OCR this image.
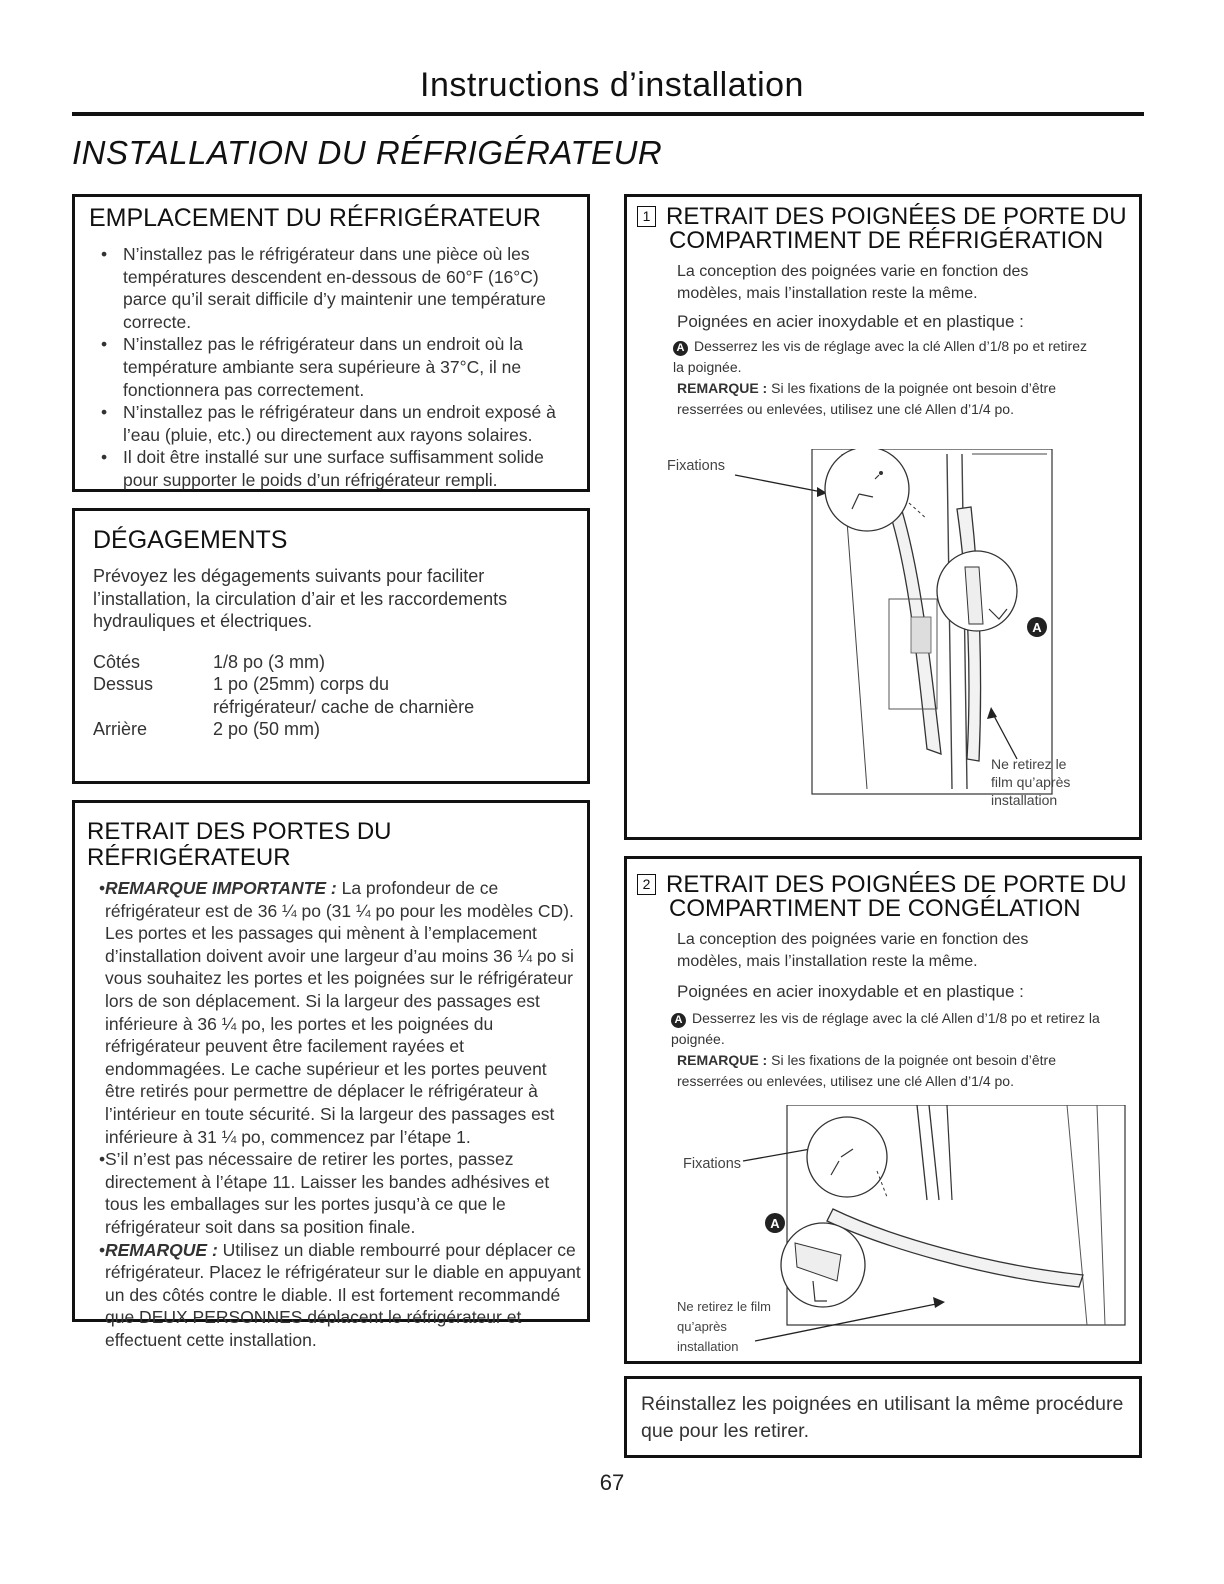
Instructions d’installation
INSTALLATION DU RÉFRIGÉRATEUR
EMPLACEMENT DU RÉFRIGÉRATEUR
• N’installez pas le réfrigérateur dans une pièce où les températures descendent en-dessous de 60°F (16°C) parce qu’il serait difficile d’y maintenir une température correcte.
• N’installez pas le réfrigérateur dans un endroit où la température ambiante sera supérieure à 37°C, il ne fonctionnera pas correctement.
• N’installez pas le réfrigérateur dans un endroit exposé à l’eau (pluie, etc.) ou directement aux rayons solaires.
• Il doit être installé sur une surface suffisamment solide pour supporter le poids d’un réfrigérateur rempli.
DÉGAGEMENTS

Prévoyez les dégagements suivants pour faciliter l’installation, la circulation d’air et les raccordements hydrauliques et électriques.

Côtés	1/8 po (3 mm)
Dessus	1 po (25mm) corps du réfrigérateur/ cache de charnière
Arrière	2 po (50 mm)
RETRAIT DES PORTES DU RÉFRIGÉRATEUR
• REMARQUE IMPORTANTE : La profondeur de ce réfrigérateur est de 36 ¼ po (31 ¼ po pour les modèles CD). Les portes et les passages qui mènent à l’emplacement d’installation doivent avoir une largeur d’au moins 36 ¼ po si vous souhaitez les portes et les poignées sur le réfrigérateur lors de son déplacement. Si la largeur des passages est inférieure à 36 ¼ po, les portes et les poignées du réfrigérateur peuvent être facilement rayées et endommagées. Le cache supérieur et les portes peuvent être retirés pour permettre de déplacer le réfrigérateur à l’intérieur en toute sécurité. Si la largeur des passages est inférieure à 31 ¼ po, commencez par l’étape 1.
• S’il n’est pas nécessaire de retirer les portes, passez directement à l’étape 11. Laisser les bandes adhésives et tous les emballages sur les portes jusqu’à ce que le réfrigérateur soit dans sa position finale.
• REMARQUE : Utilisez un diable rembourré pour déplacer ce réfrigérateur. Placez le réfrigérateur sur le diable en appuyant un des côtés contre le diable. Il est fortement recommandé que DEUX PERSONNES déplacent le réfrigérateur et effectuent cette installation.
1 RETRAIT DES POIGNÉES DE PORTE DU
COMPARTIMENT DE RÉFRIGÉRATION

La conception des poignées varie en fonction des modèles, mais l’installation reste la même.

Poignées en acier inoxydable et en plastique :

A Desserrez les vis de réglage avec la clé Allen d’1/8 po et retirez la poignée.
REMARQUE : Si les fixations de la poignée ont besoin d’être resserrées ou enlevées, utilisez une clé Allen d’1/4 po.
Fixations
A
Ne retirez le film qu’après installation
2 RETRAIT DES POIGNÉES DE PORTE DU
COMPARTIMENT DE CONGÉLATION

La conception des poignées varie en fonction des modèles, mais l’installation reste la même.

Poignées en acier inoxydable et en plastique :

A Desserrez les vis de réglage avec la clé Allen d’1/8 po et retirez la poignée.
REMARQUE : Si les fixations de la poignée ont besoin d’être resserrées ou enlevées, utilisez une clé Allen d’1/4 po.
Fixations
Ne retirez le film qu’après installation
A

Réinstallez les poignées en utilisant la même procédure que pour les retirer.

67
